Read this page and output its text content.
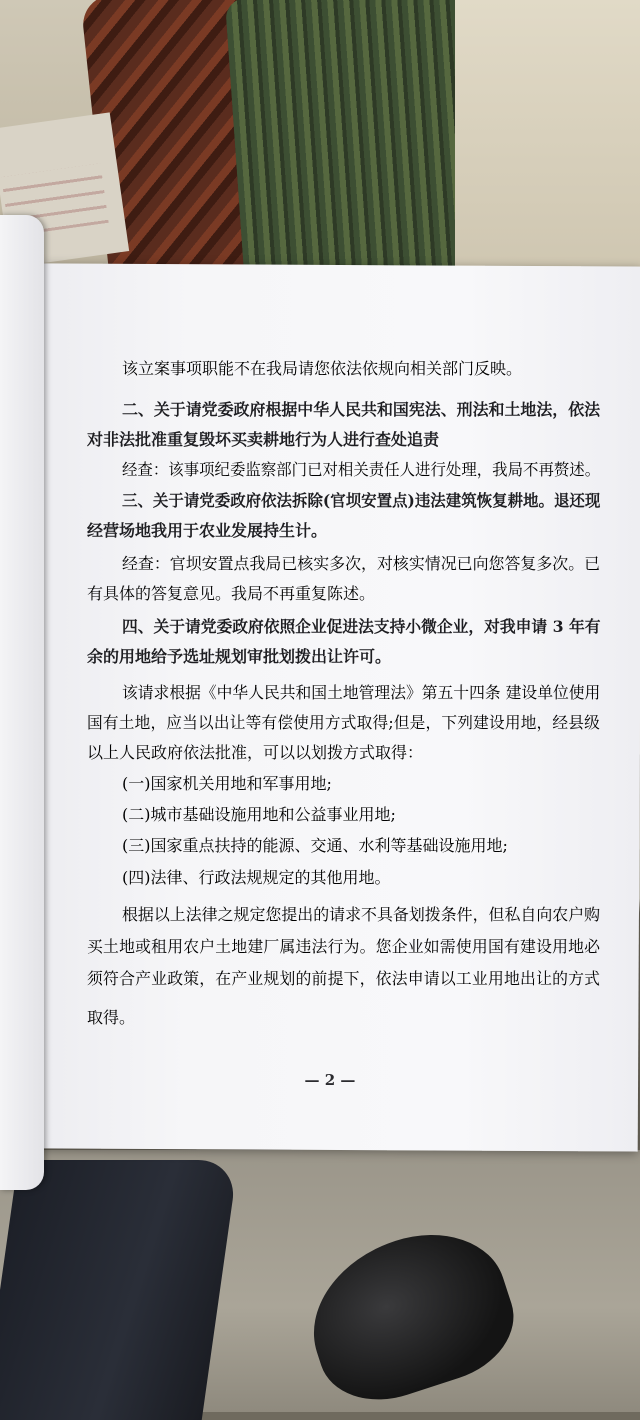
该立案事项职能不在我局请您依法依规向相关部门反映。
二、关于请党委政府根据中华人民共和国宪法、刑法和土地法，依法
对非法批准重复毁坏买卖耕地行为人进行查处追责
经查：该事项纪委监察部门已对相关责任人进行处理，我局不再赘述。
三、关于请党委政府依法拆除(官坝安置点)违法建筑恢复耕地。退还现
经营场地我用于农业发展持生计。
经查：官坝安置点我局已核实多次，对核实情况已向您答复多次。已
有具体的答复意见。我局不再重复陈述。
四、关于请党委政府依照企业促进法支持小微企业，对我申请 3 年有
余的用地给予选址规划审批划拨出让许可。
该请求根据《中华人民共和国土地管理法》第五十四条 建设单位使用
国有土地，应当以出让等有偿使用方式取得;但是，下列建设用地，经县级
以上人民政府依法批准，可以以划拨方式取得：
(一)国家机关用地和军事用地;
(二)城市基础设施用地和公益事业用地;
(三)国家重点扶持的能源、交通、水利等基础设施用地;
(四)法律、行政法规规定的其他用地。
根据以上法律之规定您提出的请求不具备划拨条件，但私自向农户购
买土地或租用农户土地建厂属违法行为。您企业如需使用国有建设用地必
须符合产业政策，在产业规划的前提下，依法申请以工业用地出让的方式
取得。
— 2 —
